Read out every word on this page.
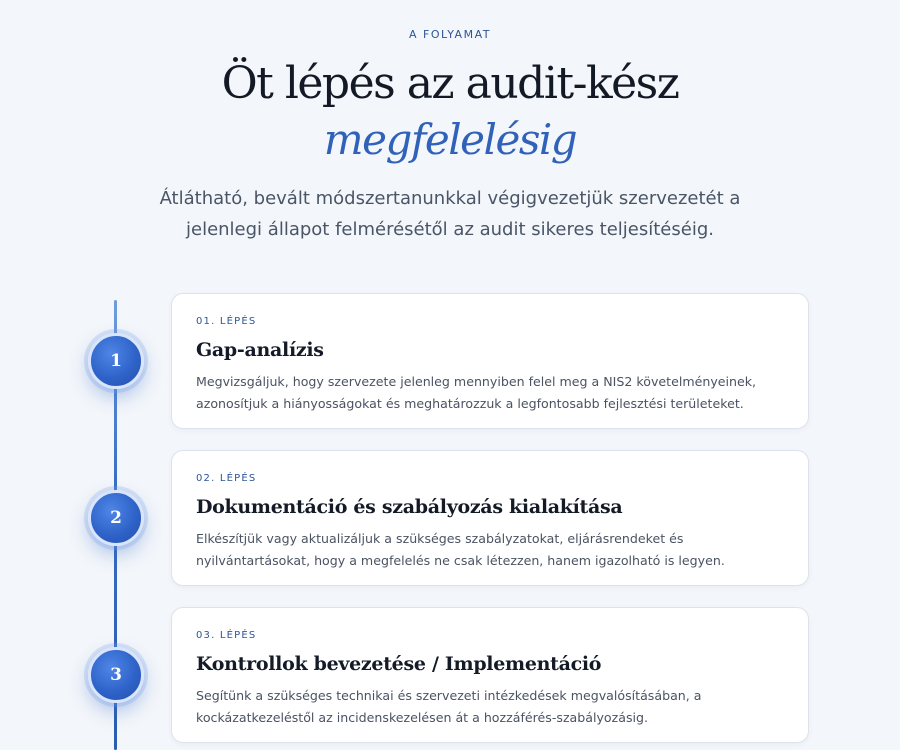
A FOLYAMAT
Öt lépés az audit-kész
megfelelésig

Átlátható, bevált módszertanunkkal végigvezetjük szervezetét a jelenlegi állapot felmérésétől az audit sikeres teljesítéséig.

1
01. LÉPÉS
Gap-analízis

Megvizsgáljuk, hogy szervezete jelenleg mennyiben felel meg a NIS2 követelményeinek, azonosítjuk a hiányosságokat és meghatározzuk a legfontosabb fejlesztési területeket.

2
02. LÉPÉS
Dokumentáció és szabályozás kialakítása

Elkészítjük vagy aktualizáljuk a szükséges szabályzatokat, eljárásrendeket és nyilvántartásokat, hogy a megfelelés ne csak létezzen, hanem igazolható is legyen.

3
03. LÉPÉS
Kontrollok bevezetése / Implementáció

Segítünk a szükséges technikai és szervezeti intézkedések megvalósításában, a kockázatkezeléstől az incidenskezelésen át a hozzáférés-szabályozásig.
